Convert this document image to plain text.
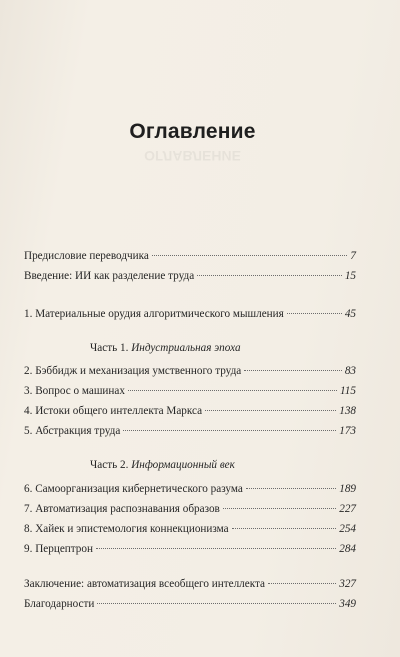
Оглавление
ОГЛАВЛЕНИЕ
Предисловие переводчика	7
Введение: ИИ как разделение труда	15
1. Материальные орудия алгоритмического мышления	45
Часть 1. Индустриальная эпоха
2. Бэббидж и механизация умственного труда	83
3. Вопрос о машинах	115
4. Истоки общего интеллекта Маркса	138
5. Абстракция труда	173
Часть 2. Информационный век
6. Самоорганизация кибернетического разума	189
7. Автоматизация распознавания образов	227
8. Хайек и эпистемология коннекционизма	254
9. Перцептрон	284
Заключение: автоматизация всеобщего интеллекта	327
Благодарности	349
